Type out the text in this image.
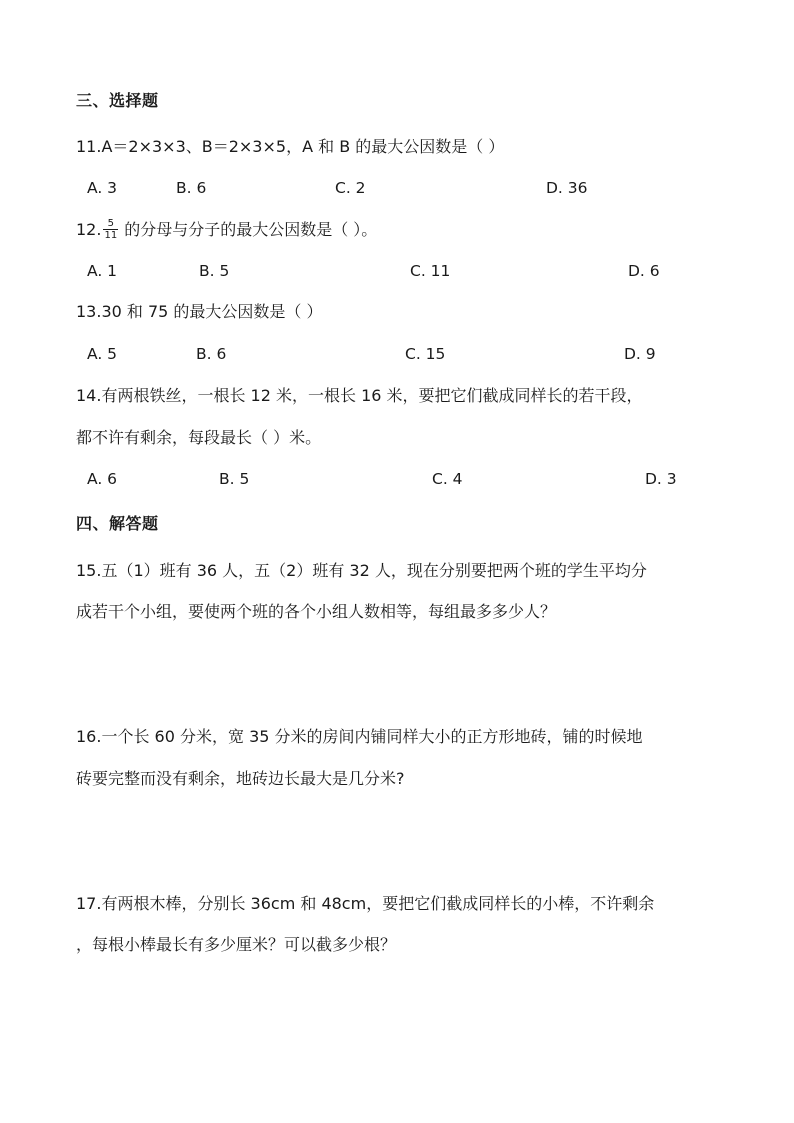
三、选择题
11.A＝2×3×3、B＝2×3×5，A 和 B 的最大公因数是（ ）
A. 3	B. 6	C. 2	D. 36
12. $\frac{5}{11}$ 的分母与分子的最大公因数是（ ）。
A. 1	B. 5	C. 11	D. 6
13.30 和 75 的最大公因数是（ ）
A. 5	B. 6	C. 15	D. 9
14.有两根铁丝，一根长 12 米，一根长 16 米，要把它们截成同样长的若干段，
都不许有剩余，每段最长（ ）米。
A. 6	B. 5	C. 4	D. 3
四、解答题
15.五（1）班有 36 人，五（2）班有 32 人，现在分别要把两个班的学生平均分
成若干个小组，要使两个班的各个小组人数相等，每组最多多少人？
16.一个长 60 分米，宽 35 分米的房间内铺同样大小的正方形地砖，铺的时候地
砖要完整而没有剩余，地砖边长最大是几分米?
17.有两根木棒，分别长 36cm 和 48cm，要把它们截成同样长的小棒，不许剩余
，每根小棒最长有多少厘米？可以截多少根？
